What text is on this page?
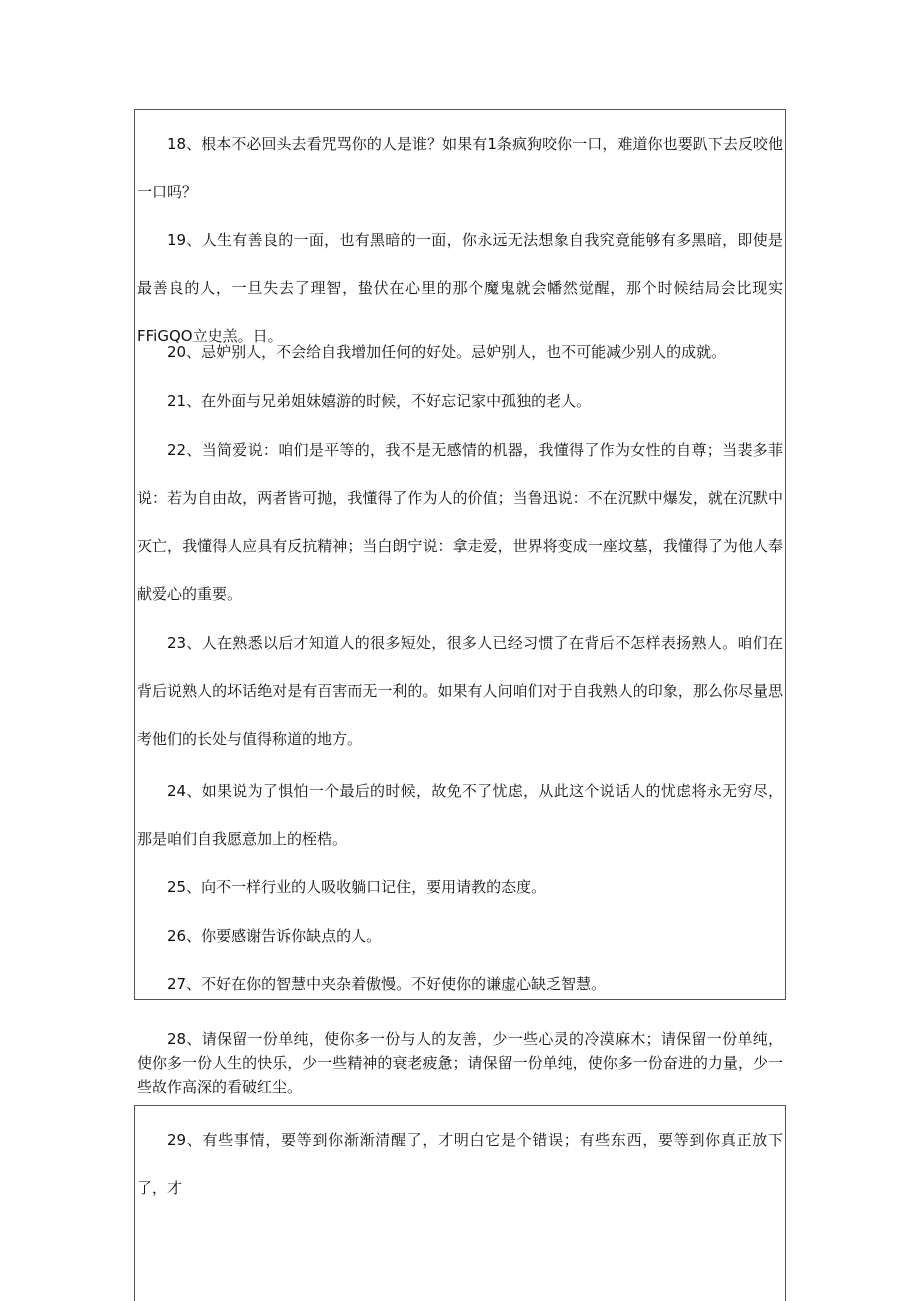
18、根本不必回头去看咒骂你的人是谁？如果有1条疯狗咬你一口，难道你也要趴下去反咬他一口吗？

19、人生有善良的一面，也有黑暗的一面，你永远无法想象自我究竟能够有多黑暗，即使是最善良的人，一旦失去了理智，蛰伏在心里的那个魔鬼就会幡然觉醒，那个时候结局会比现实FFiGQO立史羔。日。

20、忌妒别人，不会给自我增加任何的好处。忌妒别人，也不可能减少别人的成就。

21、在外面与兄弟姐妹嬉游的时候，不好忘记家中孤独的老人。

22、当简爱说：咱们是平等的，我不是无感情的机器，我懂得了作为女性的自尊；当裴多菲说：若为自由故，两者皆可抛，我懂得了作为人的价值；当鲁迅说：不在沉默中爆发，就在沉默中灭亡，我懂得人应具有反抗精神；当白朗宁说：拿走爱，世界将变成一座坟墓，我懂得了为他人奉献爱心的重要。

23、人在熟悉以后才知道人的很多短处，很多人已经习惯了在背后不怎样表扬熟人。咱们在背后说熟人的坏话绝对是有百害而无一利的。如果有人问咱们对于自我熟人的印象，那么你尽量思考他们的长处与值得称道的地方。

24、如果说为了惧怕一个最后的时候，故免不了忧虑，从此这个说话人的忧虑将永无穷尽，那是咱们自我愿意加上的桎梏。

25、向不一样行业的人吸收躺口记住，要用请教的态度。

26、你要感谢告诉你缺点的人。

27、不好在你的智慧中夹杂着傲慢。不好使你的谦虚心缺乏智慧。

28、请保留一份单纯，使你多一份与人的友善，少一些心灵的冷漠麻木；请保留一份单纯，使你多一份人生的快乐，少一些精神的衰老疲惫；请保留一份单纯，使你多一份奋进的力量，少一些故作高深的看破红尘。

29、有些事情，要等到你渐渐清醒了，才明白它是个错误；有些东西，要等到你真正放下了，才
